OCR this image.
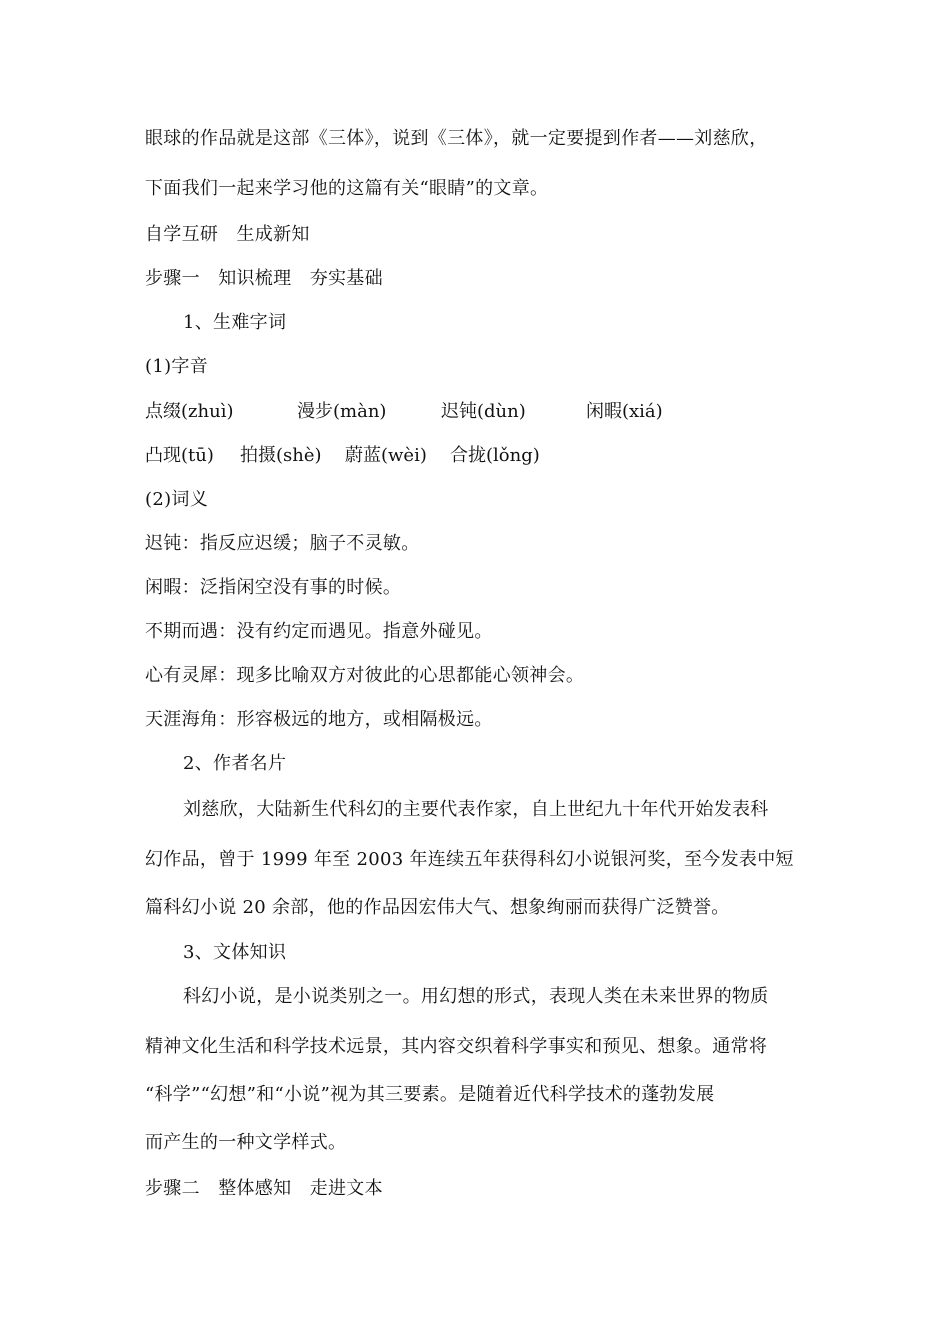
眼球的作品就是这部《三体》，说到《三体》，就一定要提到作者——刘慈欣，
下面我们一起来学习他的这篇有关“眼睛”的文章。
自学互研　生成新知
步骤一　知识梳理　夯实基础
1、生难字词
(1)字音
点缀(zhuì)	漫步(màn)	迟钝(dùn)	闲暇(xiá)
凸现(tū) 拍摄(shè) 蔚蓝(wèi) 合拢(lǒng)
(2)词义
迟钝：指反应迟缓；脑子不灵敏。
闲暇：泛指闲空没有事的时候。
不期而遇：没有约定而遇见。指意外碰见。
心有灵犀：现多比喻双方对彼此的心思都能心领神会。
天涯海角：形容极远的地方，或相隔极远。
2、作者名片
刘慈欣，大陆新生代科幻的主要代表作家，自上世纪九十年代开始发表科
幻作品，曾于 1999 年至 2003 年连续五年获得科幻小说银河奖，至今发表中短
篇科幻小说 20 余部，他的作品因宏伟大气、想象绚丽而获得广泛赞誉。
3、文体知识
科幻小说，是小说类别之一。用幻想的形式，表现人类在未来世界的物质
精神文化生活和科学技术远景，其内容交织着科学事实和预见、想象。通常将
“科学”“幻想”和“小说”视为其三要素。是随着近代科学技术的蓬勃发展
而产生的一种文学样式。
步骤二　整体感知　走进文本
